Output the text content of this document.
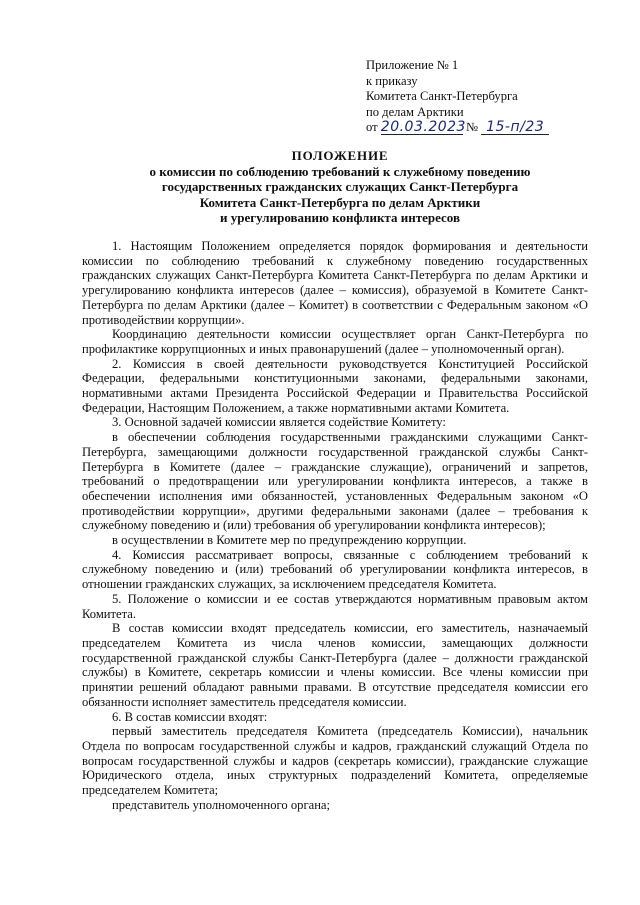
Приложение № 1
к приказу
Комитета Санкт-Петербурга
по делам Арктики
от 20.03.2023 № 15-п/23
ПОЛОЖЕНИЕ
о комиссии по соблюдению требований к служебному поведению
государственных гражданских служащих Санкт-Петербурга
Комитета Санкт-Петербурга по делам Арктики
и урегулированию конфликта интересов

1. Настоящим Положением определяется порядок формирования и деятельности комиссии по соблюдению требований к служебному поведению государственных гражданских служащих Санкт-Петербурга Комитета Санкт-Петербурга по делам Арктики и урегулированию конфликта интересов (далее – комиссия), образуемой в Комитете Санкт-Петербурга по делам Арктики (далее – Комитет) в соответствии с Федеральным законом «О противодействии коррупции».

Координацию деятельности комиссии осуществляет орган Санкт-Петербурга по профилактике коррупционных и иных правонарушений (далее – уполномоченный орган).

2. Комиссия в своей деятельности руководствуется Конституцией Российской Федерации, федеральными конституционными законами, федеральными законами, нормативными актами Президента Российской Федерации и Правительства Российской Федерации, Настоящим Положением, а также нормативными актами Комитета.

3. Основной задачей комиссии является содействие Комитету:

в обеспечении соблюдения государственными гражданскими служащими Санкт-Петербурга, замещающими должности государственной гражданской службы Санкт-Петербурга в Комитете (далее – гражданские служащие), ограничений и запретов, требований о предотвращении или урегулировании конфликта интересов, а также в обеспечении исполнения ими обязанностей, установленных Федеральным законом «О противодействии коррупции», другими федеральными законами (далее – требования к служебному поведению и (или) требования об урегулировании конфликта интересов);

в осуществлении в Комитете мер по предупреждению коррупции.

4. Комиссия рассматривает вопросы, связанные с соблюдением требований к служебному поведению и (или) требований об урегулировании конфликта интересов, в отношении гражданских служащих, за исключением председателя Комитета.

5. Положение о комиссии и ее состав утверждаются нормативным правовым актом Комитета.

В состав комиссии входят председатель комиссии, его заместитель, назначаемый председателем Комитета из числа членов комиссии, замещающих должности государственной гражданской службы Санкт-Петербурга (далее – должности гражданской службы) в Комитете, секретарь комиссии и члены комиссии. Все члены комиссии при принятии решений обладают равными правами. В отсутствие председателя комиссии его обязанности исполняет заместитель председателя комиссии.

6. В состав комиссии входят:

первый заместитель председателя Комитета (председатель Комиссии), начальник Отдела по вопросам государственной службы и кадров, гражданский служащий Отдела по вопросам государственной службы и кадров (секретарь комиссии), гражданские служащие Юридического отдела, иных структурных подразделений Комитета, определяемые председателем Комитета;

представитель уполномоченного органа;
